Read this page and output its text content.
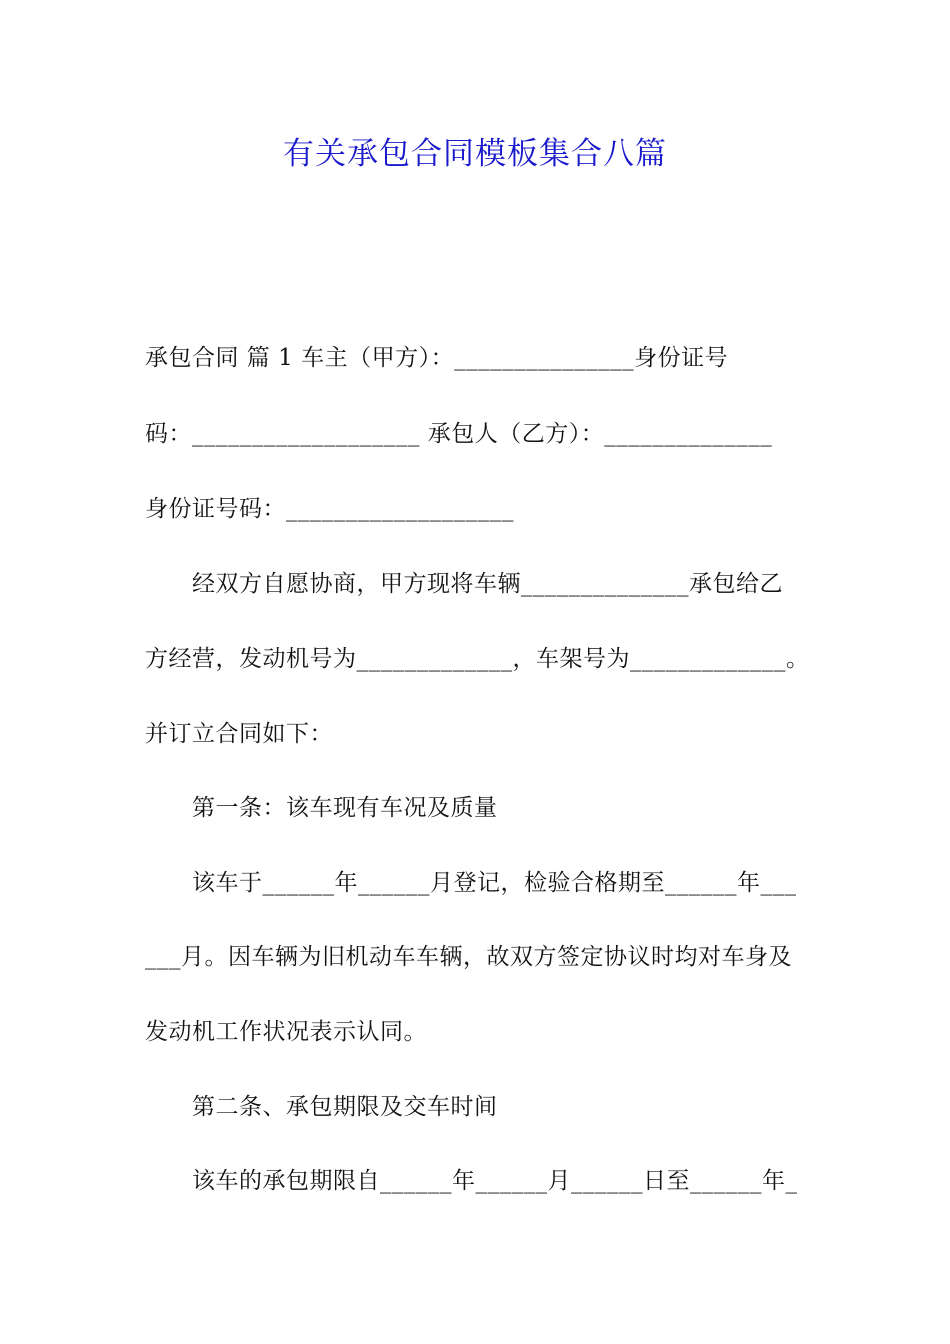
有关承包合同模板集合八篇
承包合同 篇 1 车主（甲方）：_______________身份证号
码：___________________ 承包人（乙方）：______________
身份证号码：___________________
经双方自愿协商，甲方现将车辆______________承包给乙
方经营，发动机号为_____________，车架号为_____________。
并订立合同如下：
第一条：该车现有车况及质量
该车于______年______月登记，检验合格期至______年___
___月。因车辆为旧机动车车辆，故双方签定协议时均对车身及
发动机工作状况表示认同。
第二条、承包期限及交车时间
该车的承包期限自______年______月______日至______年_
